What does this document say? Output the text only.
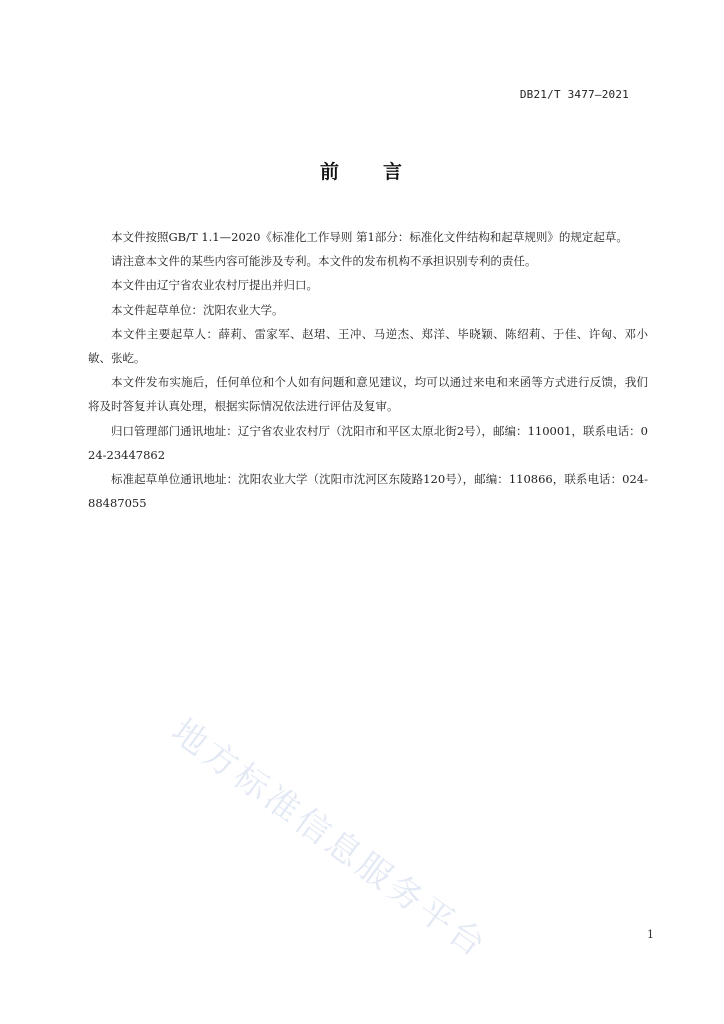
DB21/T 3477—2021
前 言

本文件按照GB/T 1.1—2020《标准化工作导则 第1部分：标准化文件结构和起草规则》的规定起草。

请注意本文件的某些内容可能涉及专利。本文件的发布机构不承担识别专利的责任。

本文件由辽宁省农业农村厅提出并归口。

本文件起草单位：沈阳农业大学。

本文件主要起草人：薛莉、雷家军、赵珺、王冲、马逆杰、郑洋、毕晓颖、陈绍莉、于佳、许匈、邓小敏、张屹。

本文件发布实施后，任何单位和个人如有问题和意见建议，均可以通过来电和来函等方式进行反馈，我们将及时答复并认真处理，根据实际情况依法进行评估及复审。

归口管理部门通讯地址：辽宁省农业农村厅（沈阳市和平区太原北街2号），邮编：110001，联系电话：024-23447862

标准起草单位通讯地址：沈阳农业大学（沈阳市沈河区东陵路120号），邮编：110866，联系电话：024-88487055

地方标准信息服务平台	1
